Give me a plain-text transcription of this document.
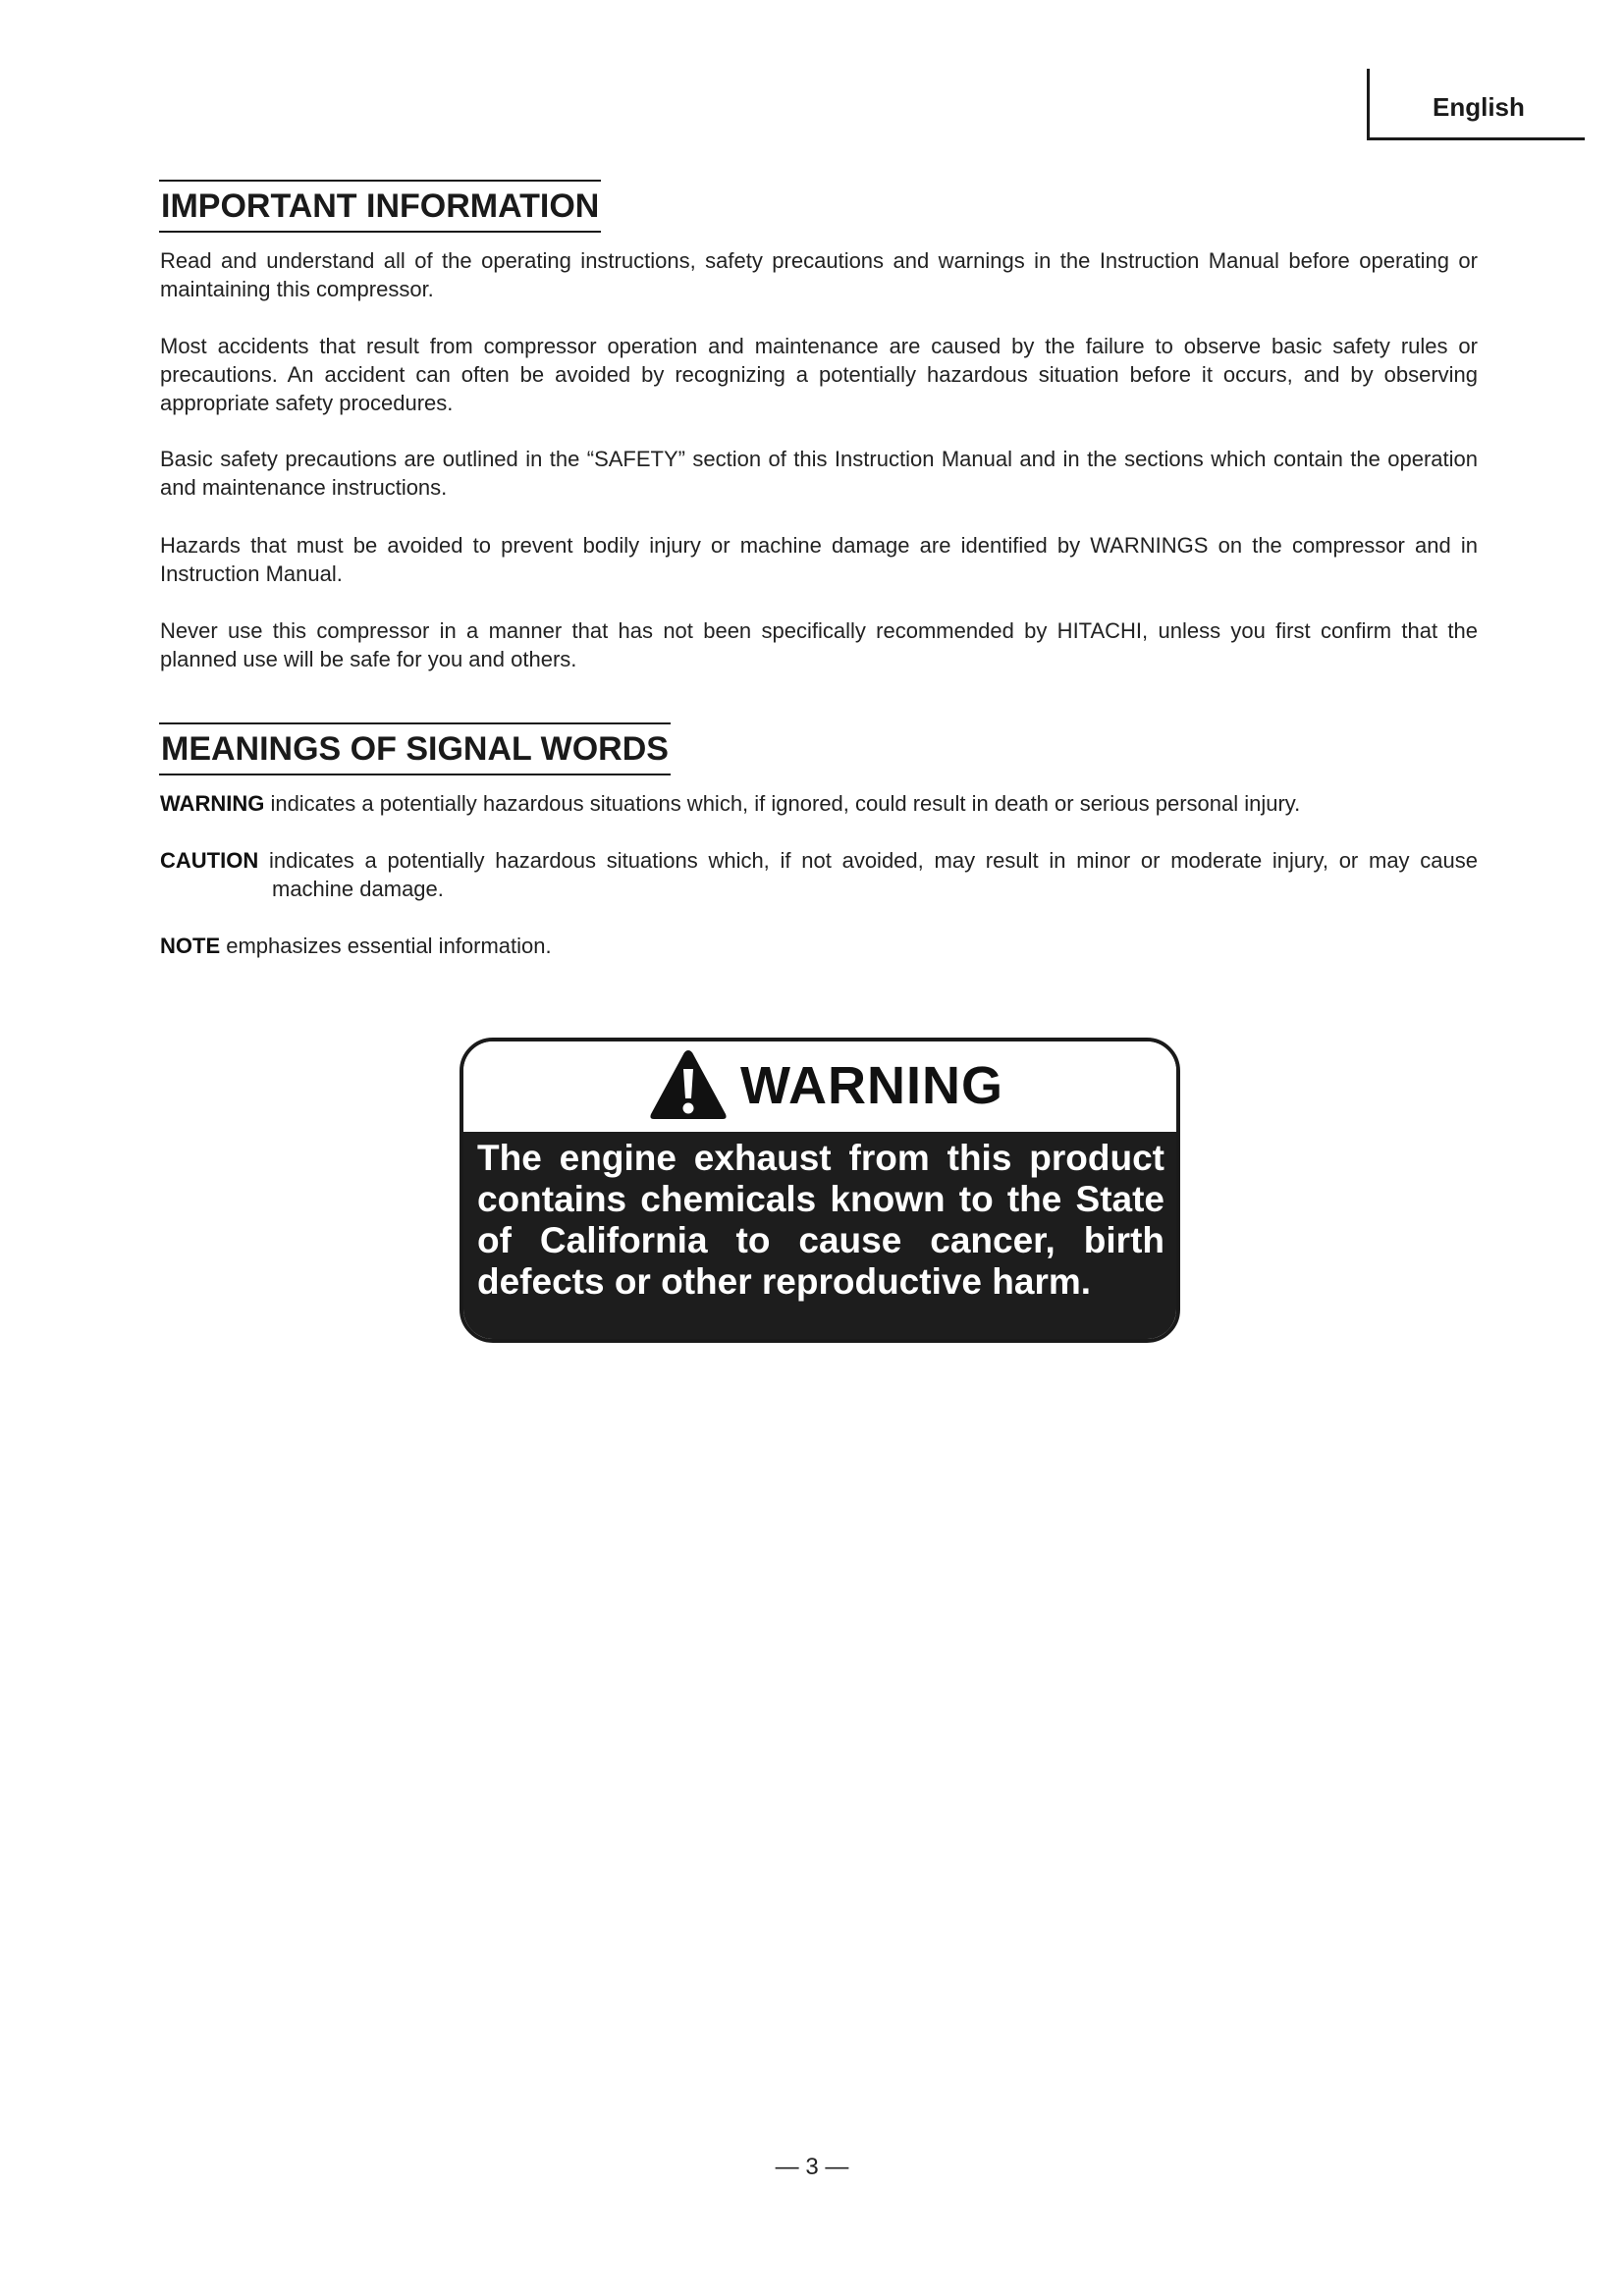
English
IMPORTANT INFORMATION

Read and understand all of the operating instructions, safety precautions and warnings in the Instruction Manual before operating or maintaining this compressor.

Most accidents that result from compressor operation and maintenance are caused by the failure to observe basic safety rules or precautions. An accident can often be avoided by recognizing a potentially hazardous situation before it occurs, and by observing appropriate safety procedures.

Basic safety precautions are outlined in the “SAFETY” section of this Instruction Manual and in the sections which contain the operation and maintenance instructions.

Hazards that must be avoided to prevent bodily injury or machine damage are identified by WARNINGS on the compressor and in Instruction Manual.

Never use this compressor in a manner that has not been specifically recommended by HITACHI, unless you first confirm that the planned use will be safe for you and others.

MEANINGS OF SIGNAL WORDS

WARNING indicates a potentially hazardous situations which, if ignored, could result in death or serious personal injury.

CAUTION indicates a potentially hazardous situations which, if not avoided, may result in minor or moderate injury, or may cause
machine damage.

NOTE emphasizes essential information.

WARNING

The engine exhaust from this product contains chemicals known to the State of California to cause cancer, birth defects or other reproductive harm.

— 3 —
